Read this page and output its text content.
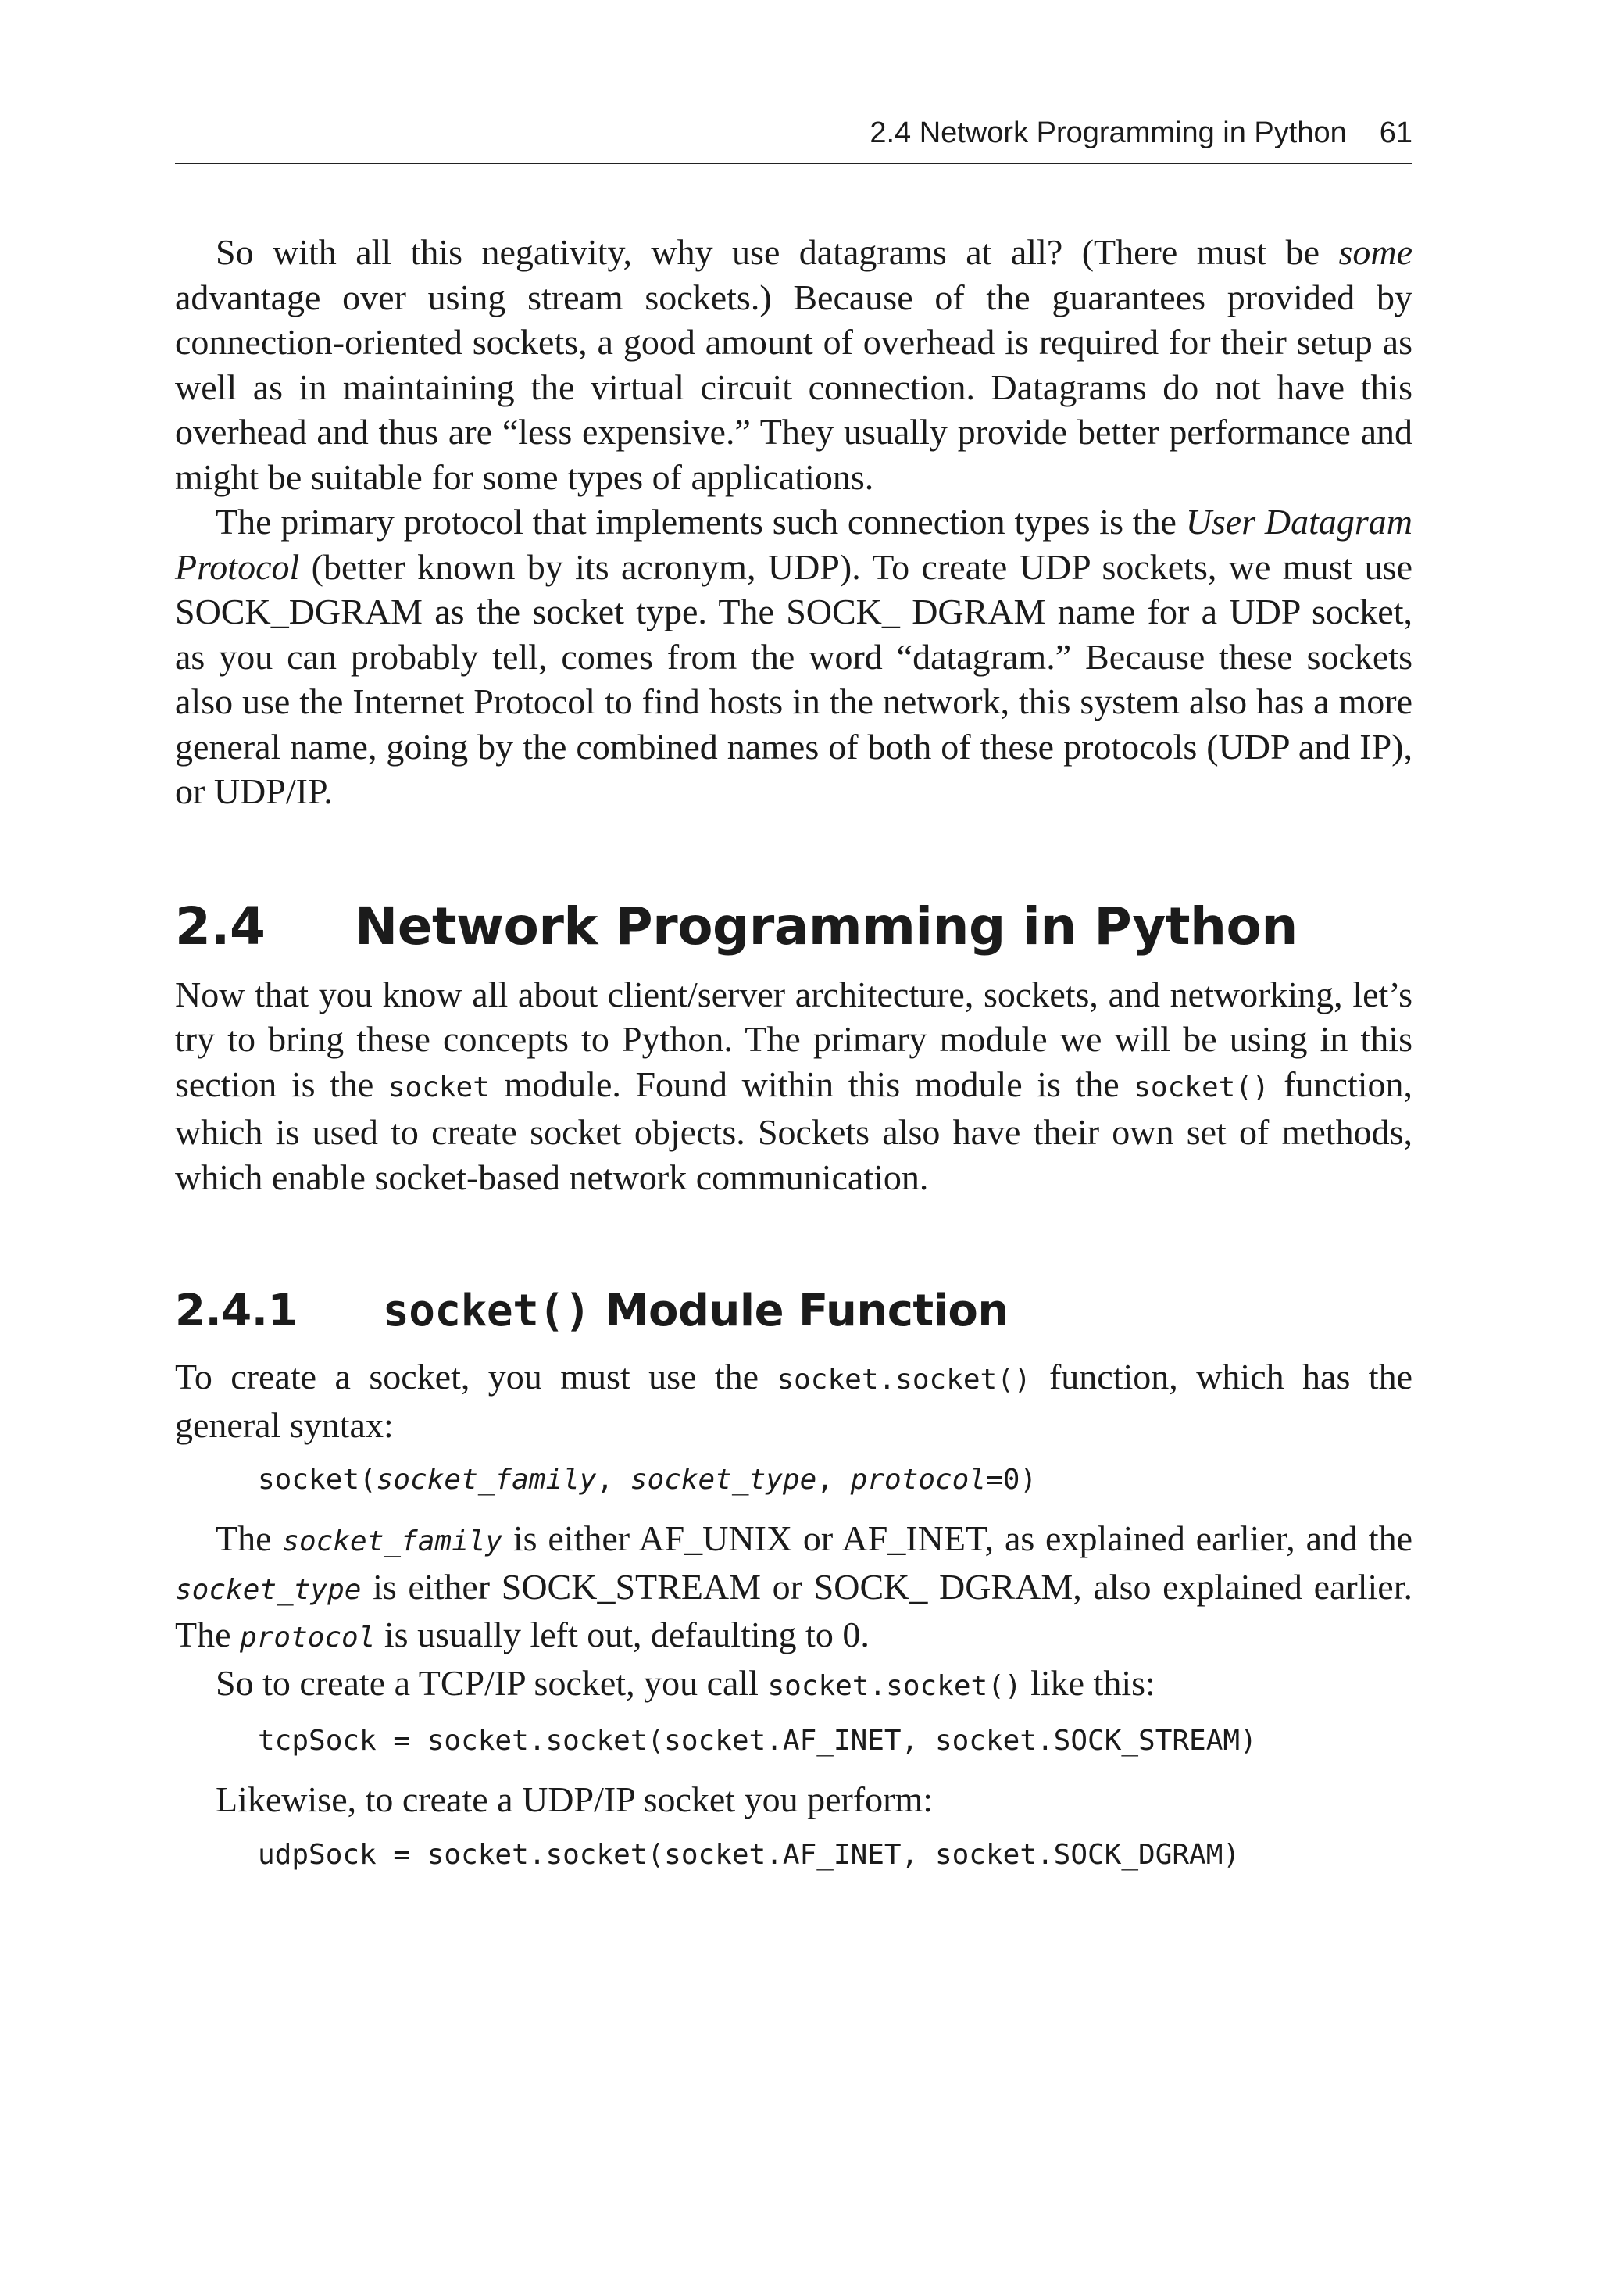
2.4 Network Programming in Python 61

So with all this negativity, why use datagrams at all? (There must be some advantage over using stream sockets.) Because of the guarantees provided by connection-oriented sockets, a good amount of overhead is required for their setup as well as in maintaining the virtual circuit connection. Datagrams do not have this overhead and thus are “less expensive.” They usually provide better performance and might be suitable for some types of applications.

The primary protocol that implements such connection types is the User Datagram Protocol (better known by its acronym, UDP). To create UDP sockets, we must use SOCK_DGRAM as the socket type. The SOCK_ DGRAM name for a UDP socket, as you can probably tell, comes from the word “datagram.” Because these sockets also use the Internet Protocol to find hosts in the network, this system also has a more general name, going by the combined names of both of these protocols (UDP and IP), or UDP/IP.

2.4	Network Programming in Python

Now that you know all about client/server architecture, sockets, and networking, let’s try to bring these concepts to Python. The primary module we will be using in this section is the socket module. Found within this module is the socket() function, which is used to create socket objects. Sockets also have their own set of methods, which enable socket-based network communication.

2.4.1	socket() Module Function

To create a socket, you must use the socket.socket() function, which has the general syntax:

socket(socket_family, socket_type, protocol=0)

The socket_family is either AF_UNIX or AF_INET, as explained earlier, and the socket_type is either SOCK_STREAM or SOCK_ DGRAM, also explained earlier. The protocol is usually left out, defaulting to 0.

So to create a TCP/IP socket, you call socket.socket() like this:

tcpSock = socket.socket(socket.AF_INET, socket.SOCK_STREAM)

Likewise, to create a UDP/IP socket you perform:

udpSock = socket.socket(socket.AF_INET, socket.SOCK_DGRAM)
